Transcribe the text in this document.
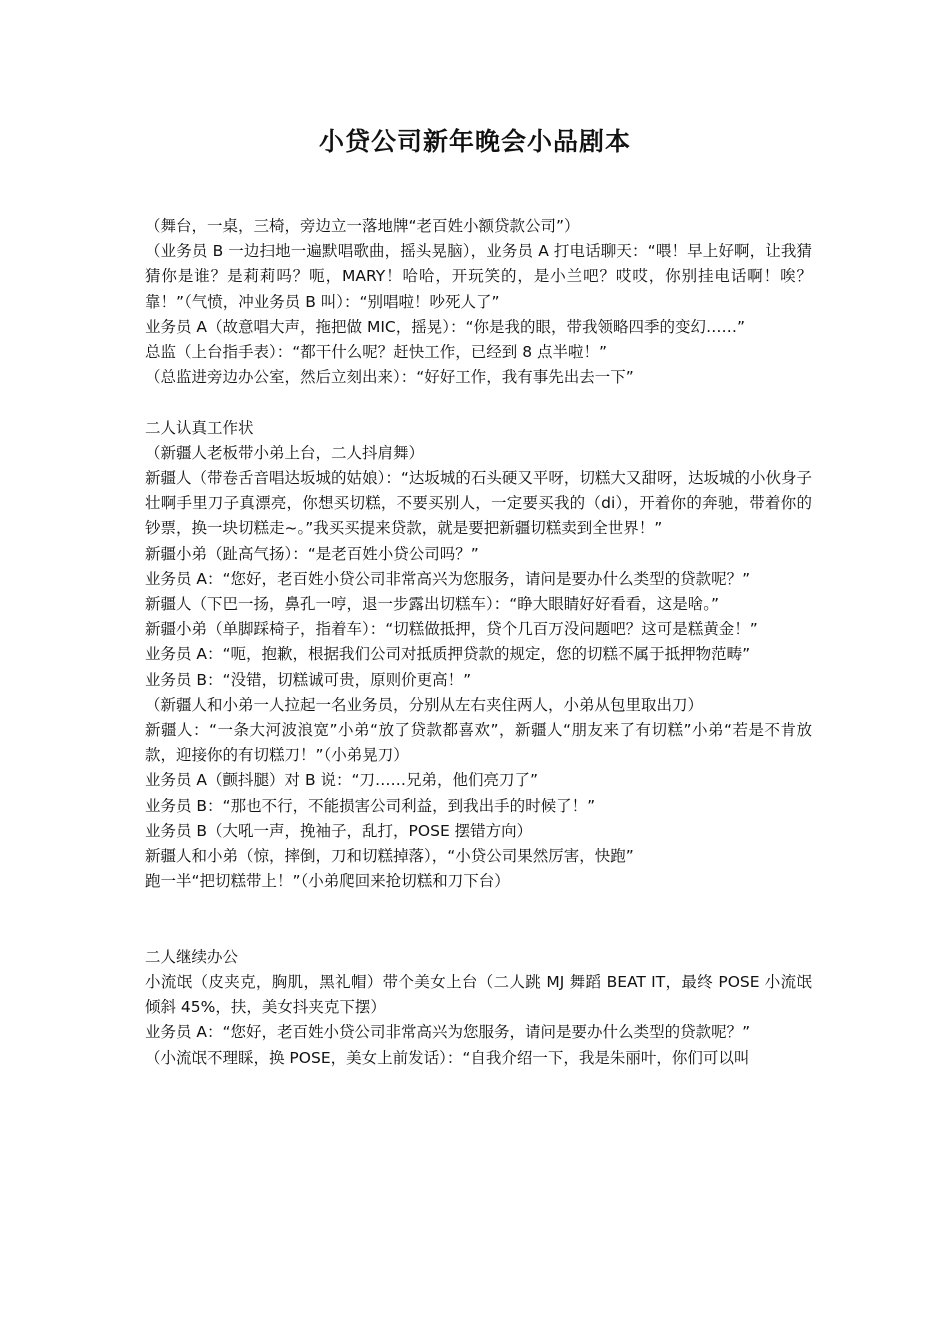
小贷公司新年晚会小品剧本

（舞台，一桌，三椅，旁边立一落地牌“老百姓小额贷款公司”）

（业务员 B 一边扫地一遍默唱歌曲，摇头晃脑），业务员 A 打电话聊天：“喂！早上好啊，让我猜猜你是谁？是莉莉吗？呃，MARY！哈哈，开玩笑的，是小兰吧？哎哎，你别挂电话啊！唉？靠！”（气愤，冲业务员 B 叫）：“别唱啦！吵死人了”

业务员 A（故意唱大声，拖把做 MIC，摇晃）：“你是我的眼，带我领略四季的变幻……”

总监（上台指手表）：“都干什么呢？赶快工作，已经到 8 点半啦！”

（总监进旁边办公室，然后立刻出来）：“好好工作，我有事先出去一下”

二人认真工作状

（新疆人老板带小弟上台，二人抖肩舞）

新疆人（带卷舌音唱达坂城的姑娘）：“达坂城的石头硬又平呀，切糕大又甜呀，达坂城的小伙身子壮啊手里刀子真漂亮，你想买切糕，不要买别人，一定要买我的（di），开着你的奔驰，带着你的钞票，换一块切糕走~。”我买买提来贷款，就是要把新疆切糕卖到全世界！”

新疆小弟（趾高气扬）：“是老百姓小贷公司吗？”

业务员 A：“您好，老百姓小贷公司非常高兴为您服务，请问是要办什么类型的贷款呢？”

新疆人（下巴一扬，鼻孔一哼，退一步露出切糕车）：“睁大眼睛好好看看，这是啥。”

新疆小弟（单脚踩椅子，指着车）：“切糕做抵押，贷个几百万没问题吧？这可是糕黄金！”

业务员 A：“呃，抱歉，根据我们公司对抵质押贷款的规定，您的切糕不属于抵押物范畴”

业务员 B：“没错，切糕诚可贵，原则价更高！”

（新疆人和小弟一人拉起一名业务员，分别从左右夹住两人，小弟从包里取出刀）

新疆人：“一条大河波浪宽”小弟“放了贷款都喜欢”，新疆人“朋友来了有切糕”小弟“若是不肯放款，迎接你的有切糕刀！”（小弟晃刀）

业务员 A（颤抖腿）对 B 说：“刀……兄弟，他们亮刀了”

业务员 B：“那也不行，不能损害公司利益，到我出手的时候了！”

业务员 B（大吼一声，挽袖子，乱打，POSE 摆错方向）

新疆人和小弟（惊，摔倒，刀和切糕掉落），“小贷公司果然厉害，快跑”

跑一半“把切糕带上！”（小弟爬回来抢切糕和刀下台）

二人继续办公

小流氓（皮夹克，胸肌，黑礼帽）带个美女上台（二人跳 MJ 舞蹈 BEAT IT，最终 POSE 小流氓倾斜 45%，扶，美女抖夹克下摆）

业务员 A：“您好，老百姓小贷公司非常高兴为您服务，请问是要办什么类型的贷款呢？”

（小流氓不理睬，换 POSE，美女上前发话）：“自我介绍一下，我是朱丽叶，你们可以叫
